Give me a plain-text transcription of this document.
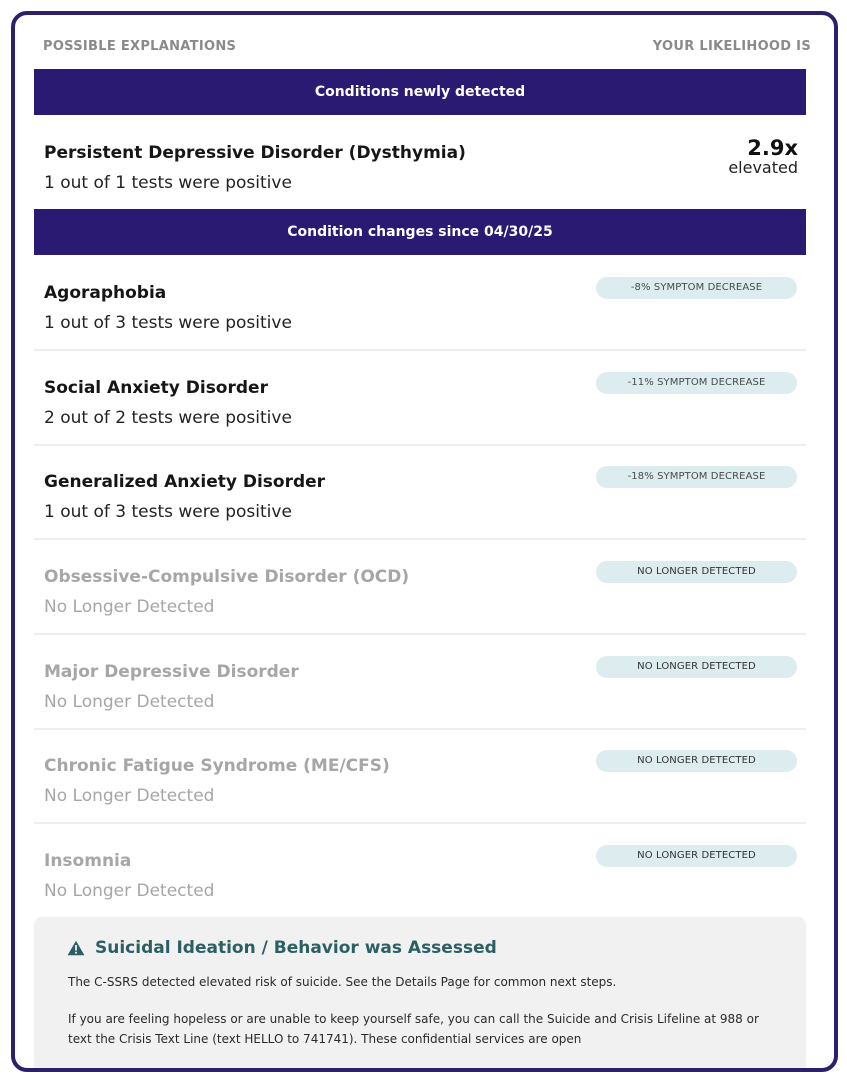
POSSIBLE EXPLANATIONS	YOUR LIKELIHOOD IS
Conditions newly detected
Persistent Depressive Disorder (Dysthymia)
1 out of 1 tests were positive
2.9x
elevated
Condition changes since 04/30/25
Agoraphobia
1 out of 3 tests were positive
-8% SYMPTOM DECREASE
Social Anxiety Disorder
2 out of 2 tests were positive
-11% SYMPTOM DECREASE
Generalized Anxiety Disorder
1 out of 3 tests were positive
-18% SYMPTOM DECREASE
Obsessive-Compulsive Disorder (OCD)
No Longer Detected
NO LONGER DETECTED
Major Depressive Disorder
No Longer Detected
NO LONGER DETECTED
Chronic Fatigue Syndrome (ME/CFS)
No Longer Detected
NO LONGER DETECTED
Insomnia
No Longer Detected
NO LONGER DETECTED
Suicidal Ideation / Behavior was Assessed
The C-SSRS detected elevated risk of suicide. See the Details Page for common next steps.
If you are feeling hopeless or are unable to keep yourself safe, you can call the Suicide and Crisis Lifeline at 988 or text the Crisis Text Line (text HELLO to 741741). These confidential services are open
